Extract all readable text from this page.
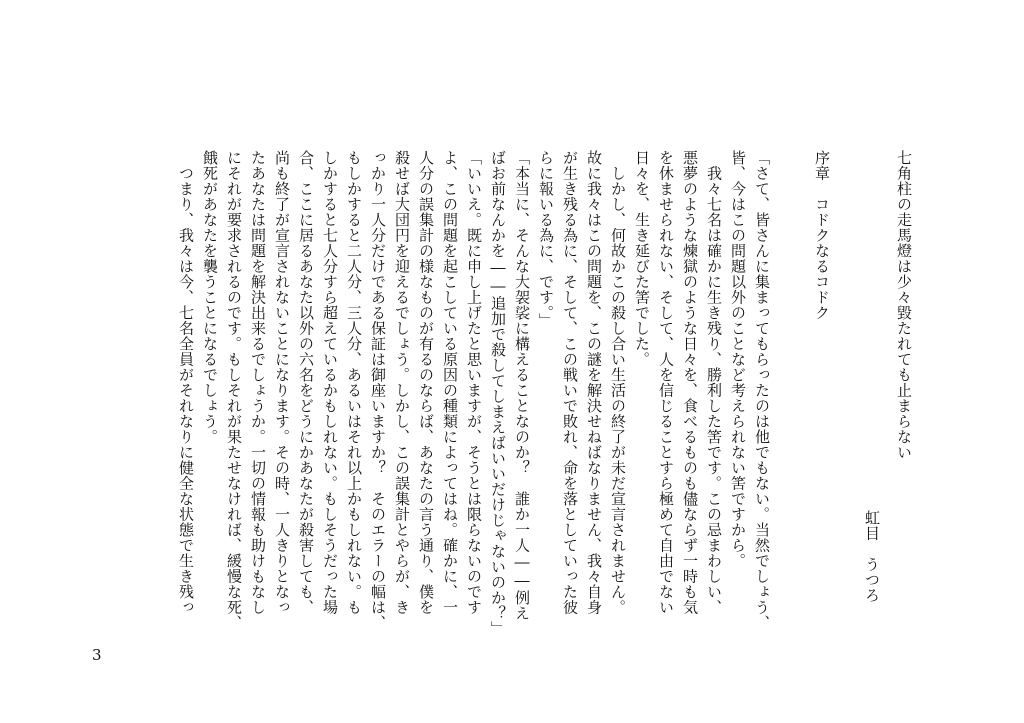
七角柱の走馬燈は少々毀たれても止まらない

虹目　うつろ

序章　コドクなるコドク

「さて、皆さんに集まってもらったのは他でもない。当然でしょう、
皆、今はこの問題以外のことなど考えられない筈ですから。
　我々七名は確かに生き残り、勝利した筈です。この忌まわしい、
悪夢のような煉獄のような日々を、食べるものも儘ならず一時も気
を休ませられない、そして、人を信じることすら極めて自由でない
日々を、生き延びた筈でした。
　しかし、何故かこの殺し合い生活の終了が未だ宣言されません。
故に我々はこの問題を、この謎を解決せねばなりません、我々自身
が生き残る為に、そして、この戦いで敗れ、命を落としていった彼
らに報いる為に、です。」
「本当に、そんな大袈裟に構えることなのか？　誰か一人――例え
ばお前なんかを――追加で殺してしまえばいいだけじゃないのか？」
「いいえ。既に申し上げたと思いますが、そうとは限らないのです
よ、この問題を起こしている原因の種類によってはね。確かに、一
人分の誤集計の様なものが有るのならば、あなたの言う通り、僕を
殺せば大団円を迎えるでしょう。しかし、この誤集計とやらが、き
っかり一人分だけである保証は御座いますか？　そのエラーの幅は、
もしかすると二人分、三人分、あるいはそれ以上かもしれない。も
しかすると七人分すら超えているかもしれない。もしそうだった場
合、ここに居るあなた以外の六名をどうにかあなたが殺害しても、
尚も終了が宣言されないことになります。その時、一人きりとなっ
たあなたは問題を解決出来るでしょうか。一切の情報も助けもなし
にそれが要求されるのです。もしそれが果たせなければ、緩慢な死、
餓死があなたを襲うことになるでしょう。
　つまり、我々は今、七名全員がそれなりに健全な状態で生き残っ

3
